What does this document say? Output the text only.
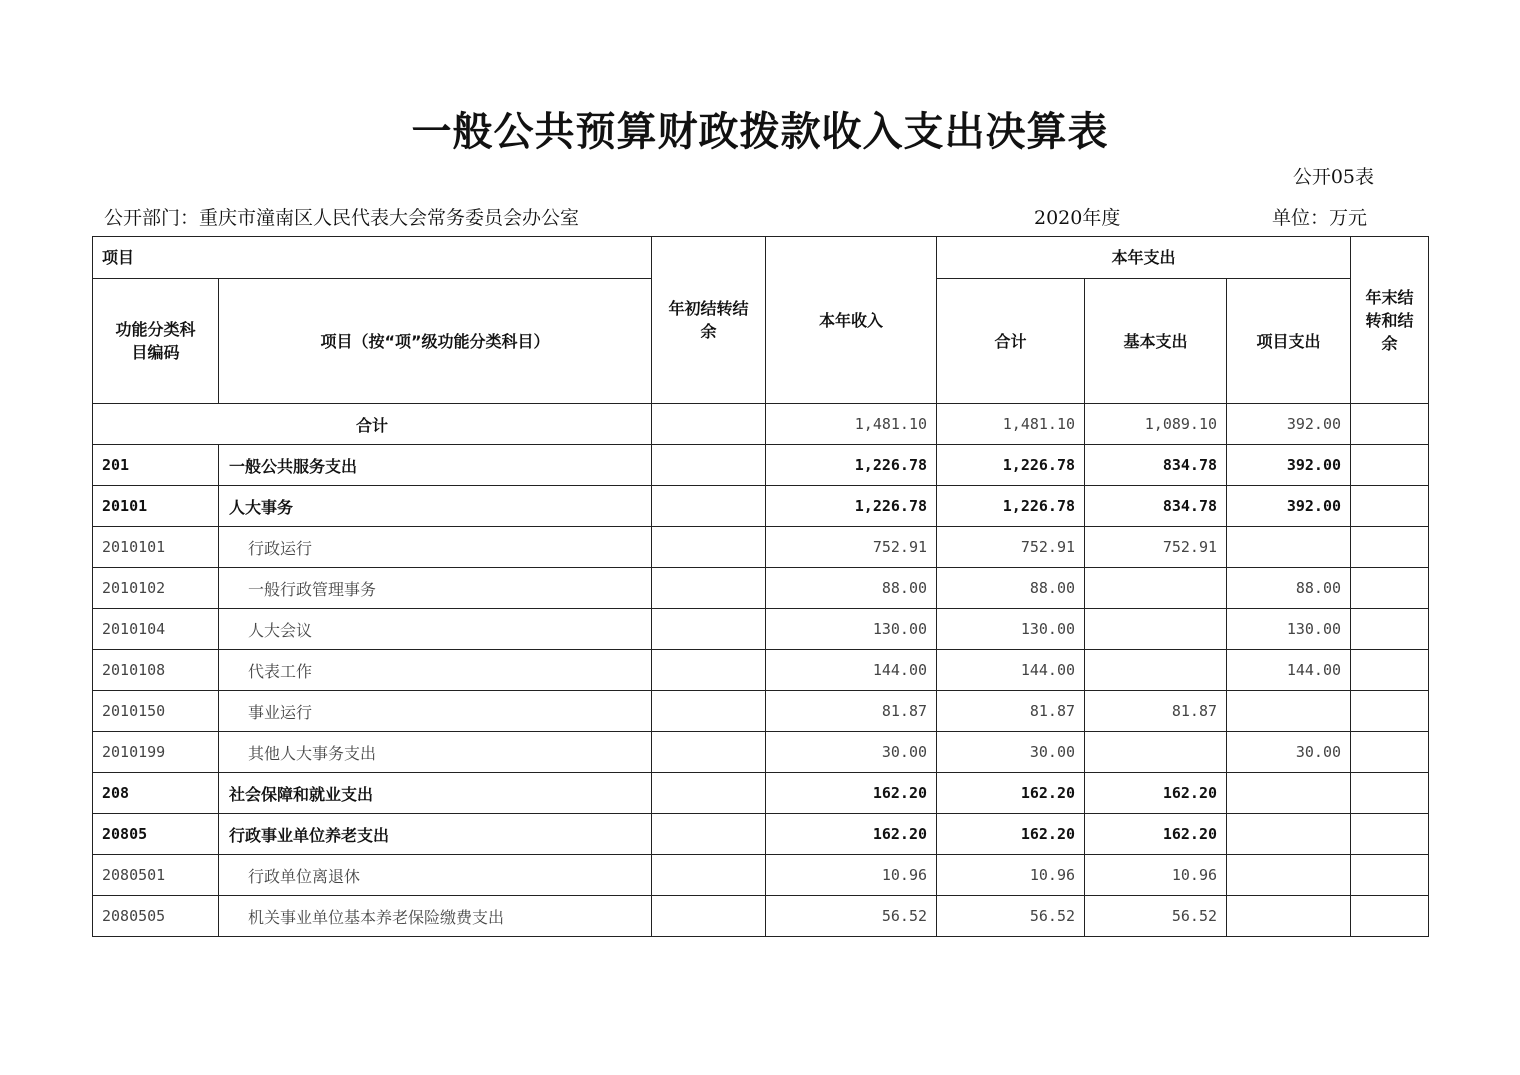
一般公共预算财政拨款收入支出决算表
公开05表
公开部门：重庆市潼南区人民代表大会常务委员会办公室	2020年度	单位：万元
项目		年初结转结余	本年收入	本年支出			年末结转和结余
功能分类科目编码	项目（按“项”级功能分类科目）			合计	基本支出	项目支出	
合计			1,481.10	1,481.10	1,089.10	392.00	
201	一般公共服务支出		1,226.78	1,226.78	834.78	392.00	
20101	人大事务		1,226.78	1,226.78	834.78	392.00	
2010101	行政运行		752.91	752.91	752.91		
2010102	一般行政管理事务		88.00	88.00		88.00	
2010104	人大会议		130.00	130.00		130.00	
2010108	代表工作		144.00	144.00		144.00	
2010150	事业运行		81.87	81.87	81.87		
2010199	其他人大事务支出		30.00	30.00		30.00	
208	社会保障和就业支出		162.20	162.20	162.20		
20805	行政事业单位养老支出		162.20	162.20	162.20		
2080501	行政单位离退休		10.96	10.96	10.96		
2080505	机关事业单位基本养老保险缴费支出		56.52	56.52	56.52		
